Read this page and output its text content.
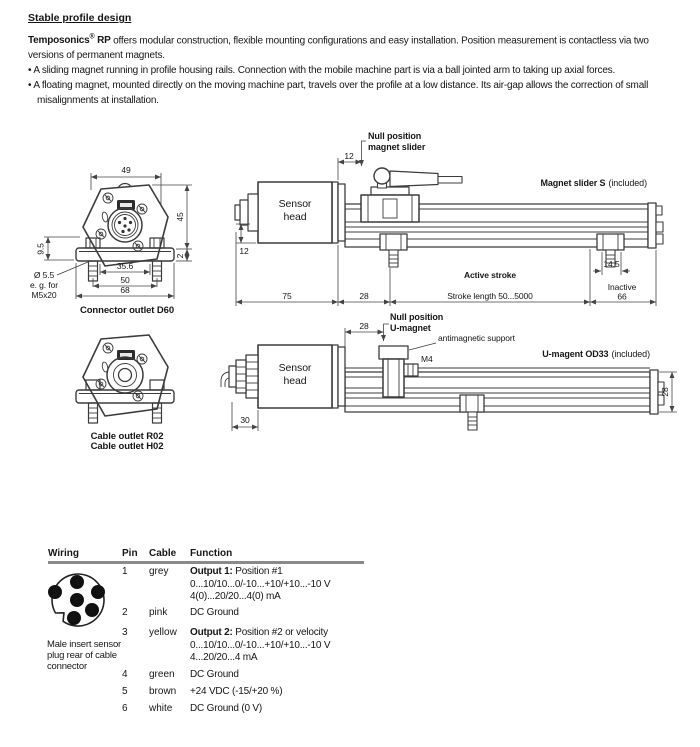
Stable profile design

Temposonics® RP offers modular construction, flexible mounting configurations and easy installation. Position measurement is contactless via two versions of permanent magnets.

• A sliding magnet running in profile housing rails. Connection with the mobile machine part is via a ball jointed arm to taking up axial forces.

• A floating magnet, mounted directly on the moving machine part, travels over the profile at a low distance. Its air-gap allows the correction of small misalignments at installation.

49
35.6
50
68
9.5
45
2
Ø 5.5
e. g. for
M5x20
Connector outlet D60
Sensor
head
Null position
magnet slider
12
12
75	28
Active stroke
Stroke length 50...5000
14.5
Inactive
66
Magnet slider S (included)
Sensor
head
Null position
U-magnet
28
antimagnetic support
M4
30
28
U-magent OD33 (included)
Cable outlet R02
Cable outlet H02
Wiring	Pin Cable Function
4
5	3
6
2
1
Male insert sensor
plug rear of cable
connector
1 grey Output 1: Position #1
0...10/10...0/-10...+10/+10...-10 V
4(0)...20/20...4(0) mA
2 pink DC Ground
3 yellow Output 2: Position #2 or velocity
0...10/10...0/-10...+10/+10...-10 V
4...20/20...4 mA
4 green DC Ground
5 brown +24 VDC (-15/+20 %)
6 white DC Ground (0 V)
